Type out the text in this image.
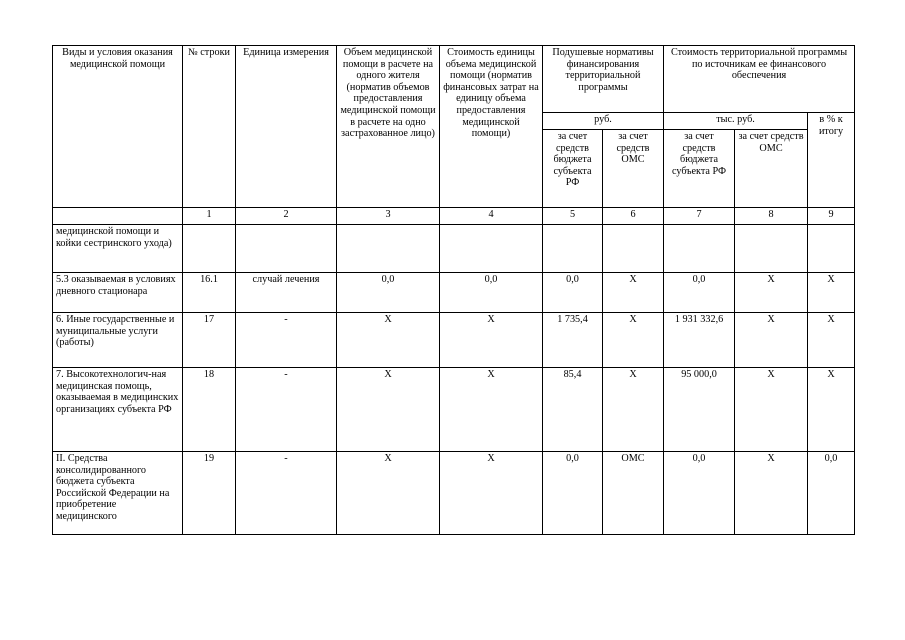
Виды и условия оказания медицинской помощи	№ строки	Единица измерения	Объем медицинской помощи в расчете на одного жителя (норматив объемов предоставления медицинской помощи в расчете на одно застрахованное лицо)	Стоимость единицы объема медицинской помощи (норматив финансовых затрат на единицу объема предоставления медицинской помощи)	Подушевые нормативы финансирования территориальной программы		Стоимость территориальной программы по источникам ее финансового обеспечения		
					руб.		тыс. руб.		в % к итогу
					за счет средств бюджета субъекта РФ	за счет средств ОМС	за счет средств бюджета субъекта РФ	за счет средств ОМС	
	1	2	3	4	5	6	7	8	9
медицинской помощи и койки сестринского ухода)									
5.3 оказываемая в условиях дневного стационара	16.1	случай лечения	0,0	0,0	0,0	Х	0,0	Х	Х
6. Иные государственные и муниципальные услуги (работы)	17	-	Х	Х	1 735,4	Х	1 931 332,6	Х	Х
7. Высокотехнологич-ная медицинская помощь, оказываемая в медицинских организациях субъекта РФ	18	-	Х	Х	85,4	Х	95 000,0	Х	Х
II. Средства консолидированного бюджета субъекта Российской Федерации на приобретение медицинского	19	-	Х	Х	0,0	ОМС	0,0	Х	0,0
